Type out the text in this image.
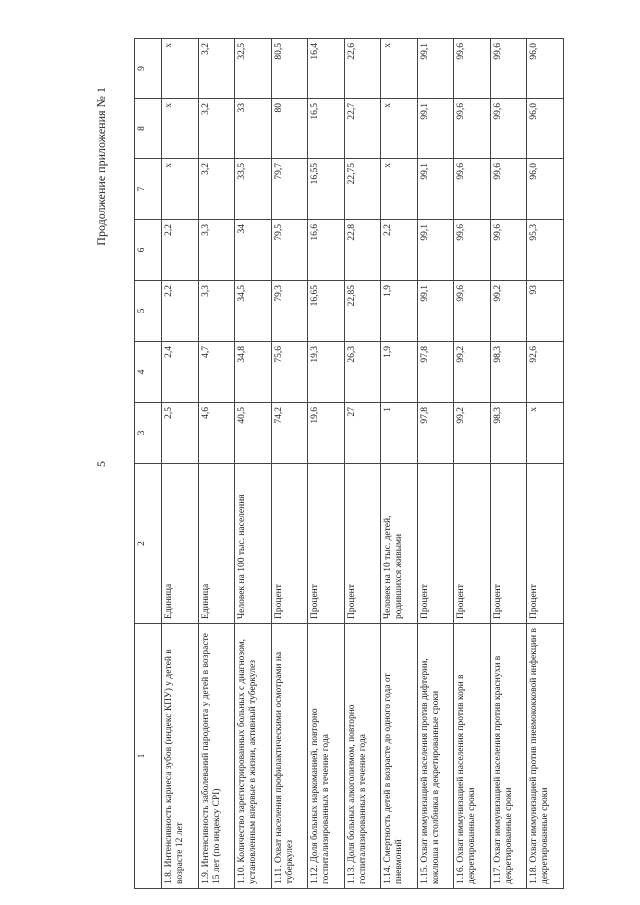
5
Продолжение приложения № 1
1	2	3	4	5	6	7	8	9
1.8. Интенсивность кариеса зубов (индекс КПУ) у детей в возрасте 12 лет	Единица	2,5	2,4	2,2	2,2	x	x	x
1.9. Интенсивность заболеваний пародонта у детей в возрасте 15 лет (по индексу СРI)	Единица	4,6	4,7	3,3	3,3	3,2	3,2	3,2
1.10. Количество зарегистрированных больных с диагнозом, установленным впервые в жизни, активный туберкулез	Человек на 100 тыс. населения	40,5	34,8	34,5	34	33,5	33	32,5
1.11. Охват населения профилактическими осмотрами на туберкулез	Процент	74,2	75,6	79,3	79,5	79,7	80	80,5
1.12. Доля больных наркоманией, повторно госпитализированных в течение года	Процент	19,6	19,3	16,65	16,6	16,55	16,5	16,4
1.13. Доля больных алкоголизмом, повторно госпитализированных в течение года	Процент	27	26,3	22,85	22,8	22,75	22,7	22,6
1.14. Смертность детей в возрасте до одного года от пневмоний	Человек на 10 тыс. детей, родившихся живыми	1	1,9	1,9	2,2	x	x	x
1.15. Охват иммунизацией населения против дифтерии, коклюша и столбняка в декретированные сроки	Процент	97,8	97,8	99,1	99,1	99,1	99,1	99,1
1.16. Охват иммунизацией населения против кори в декретированные сроки	Процент	99,2	99,2	99,6	99,6	99,6	99,6	99,6
1.17. Охват иммунизацией населения против краснухи в декретированные сроки	Процент	98,3	98,3	99,2	99,6	99,6	99,6	99,6
1.18. Охват иммунизацией против пневмококковой инфекции в декретированные сроки	Процент	x	92,6	93	95,3	96,0	96,0	96,0
